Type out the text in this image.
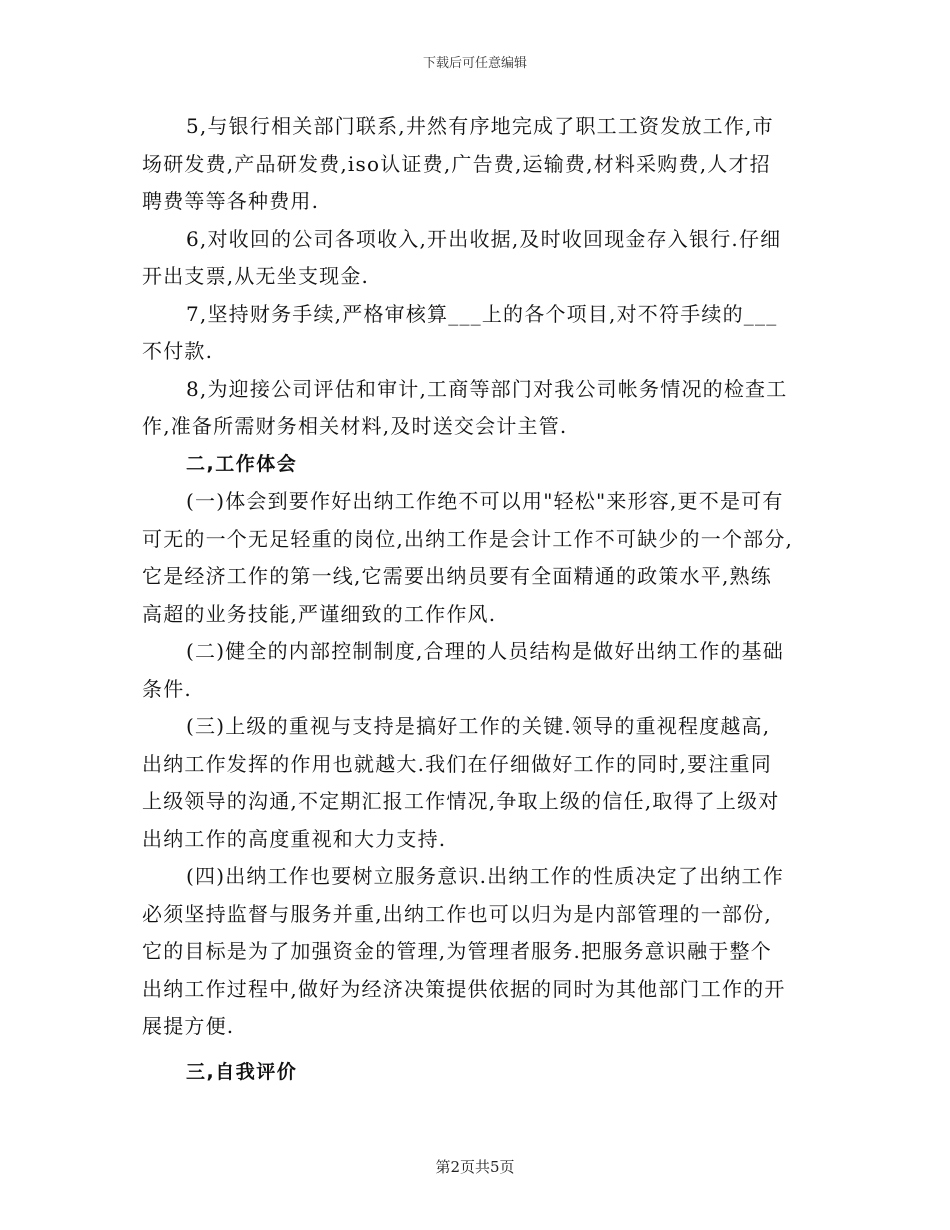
下载后可任意编辑
5,与银行相关部门联系,井然有序地完成了职工工资发放工作,市
场研发费,产品研发费,iso认证费,广告费,运输费,材料采购费,人才招
聘费等等各种费用.
6,对收回的公司各项收入,开出收据,及时收回现金存入银行.仔细
开出支票,从无坐支现金.
7,坚持财务手续,严格审核算___上的各个项目,对不符手续的___
不付款.
8,为迎接公司评估和审计,工商等部门对我公司帐务情况的检查工
作,准备所需财务相关材料,及时送交会计主管.
二,工作体会
(一)体会到要作好出纳工作绝不可以用"轻松"来形容,更不是可有
可无的一个无足轻重的岗位,出纳工作是会计工作不可缺少的一个部分,
它是经济工作的第一线,它需要出纳员要有全面精通的政策水平,熟练
高超的业务技能,严谨细致的工作作风.
(二)健全的内部控制制度,合理的人员结构是做好出纳工作的基础
条件.
(三)上级的重视与支持是搞好工作的关键.领导的重视程度越高,
出纳工作发挥的作用也就越大.我们在仔细做好工作的同时,要注重同
上级领导的沟通,不定期汇报工作情况,争取上级的信任,取得了上级对
出纳工作的高度重视和大力支持.
(四)出纳工作也要树立服务意识.出纳工作的性质决定了出纳工作
必须坚持监督与服务并重,出纳工作也可以归为是内部管理的一部份,
它的目标是为了加强资金的管理,为管理者服务.把服务意识融于整个
出纳工作过程中,做好为经济决策提供依据的同时为其他部门工作的开
展提方便.
三,自我评价
第2页共5页
